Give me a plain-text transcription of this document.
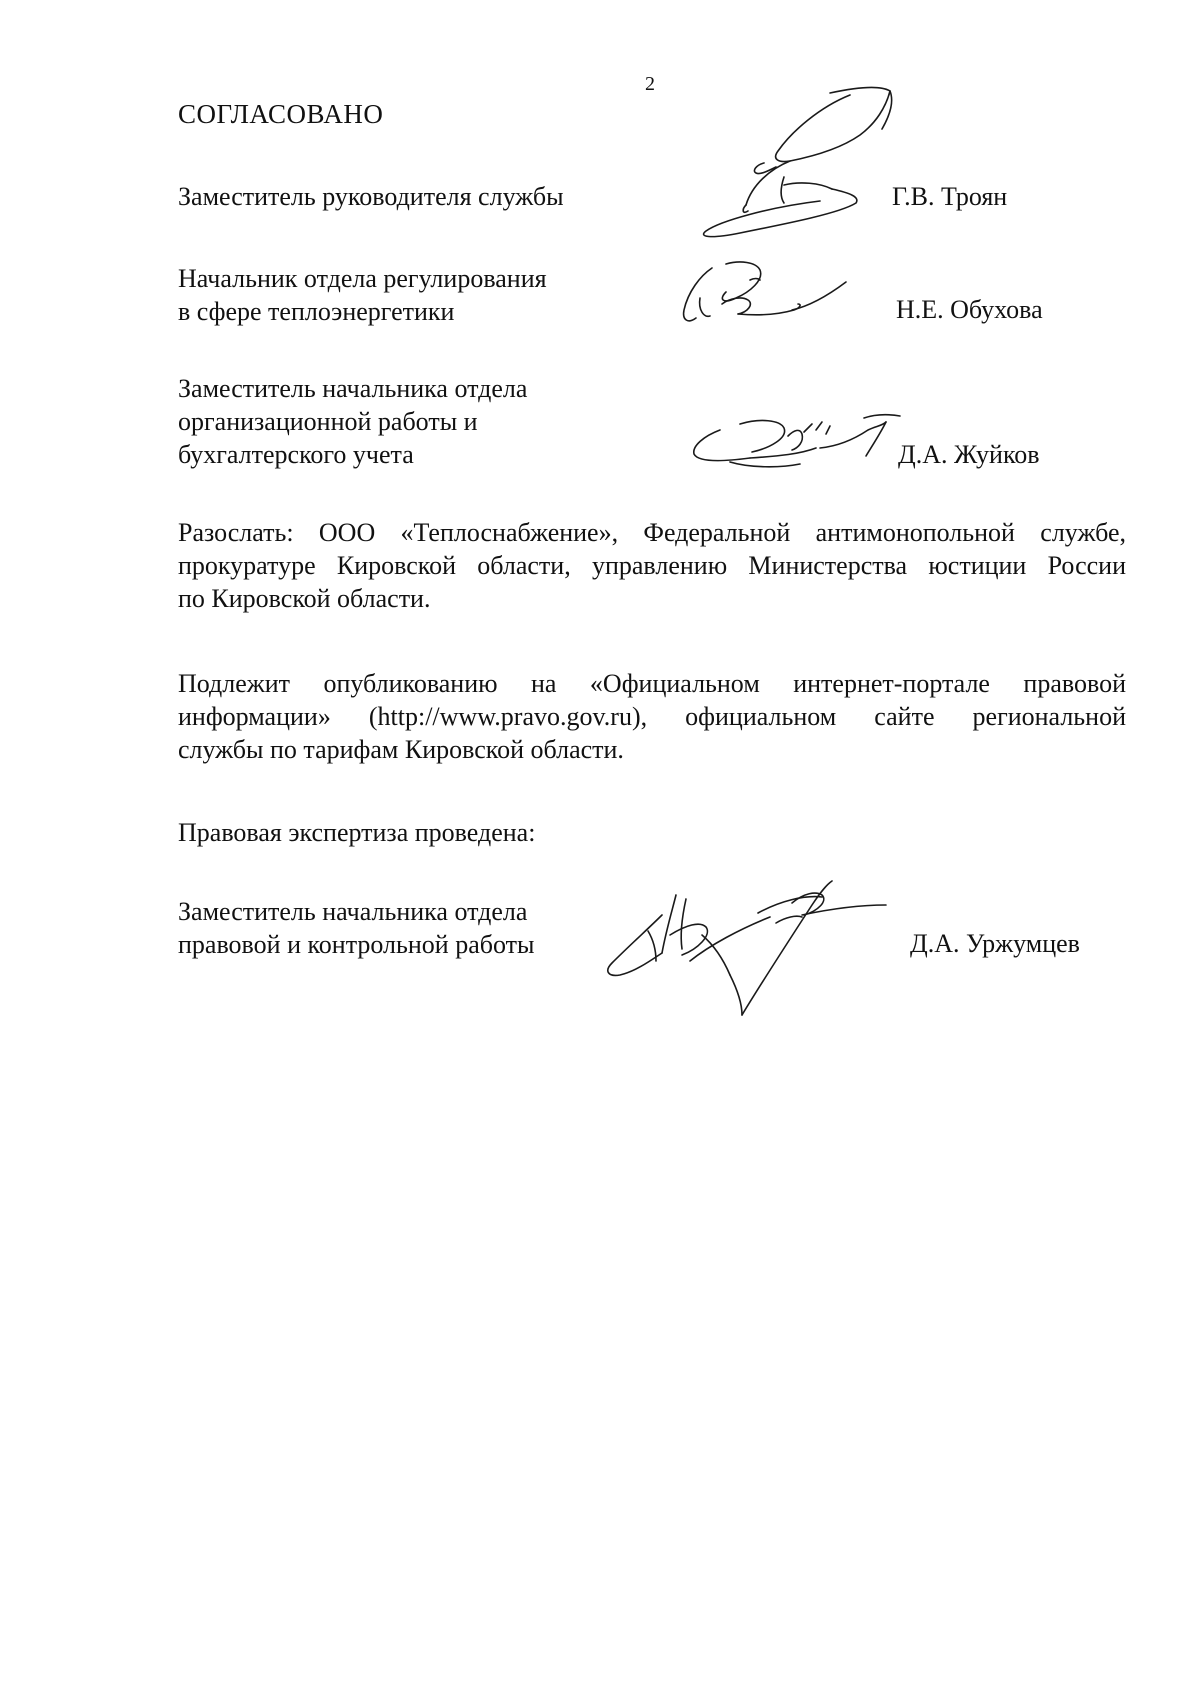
2
СОГЛАСОВАНО
Заместитель руководителя службы	Г.В. Троян
Начальник отдела регулирования
в сфере теплоэнергетики	Н.Е. Обухова
Заместитель начальника отдела
организационной работы и
бухгалтерского учета	Д.А. Жуйков
Разослать: ООО «Теплоснабжение», Федеральной антимонопольной службе,
прокуратуре Кировской области, управлению Министерства юстиции России
по Кировской области.
Подлежит опубликованию на «Официальном интернет-портале правовой
информации» (http://www.pravo.gov.ru), официальном сайте региональной
службы по тарифам Кировской области.
Правовая экспертиза проведена:
Заместитель начальника отдела
правовой и контрольной работы	Д.А. Уржумцев
